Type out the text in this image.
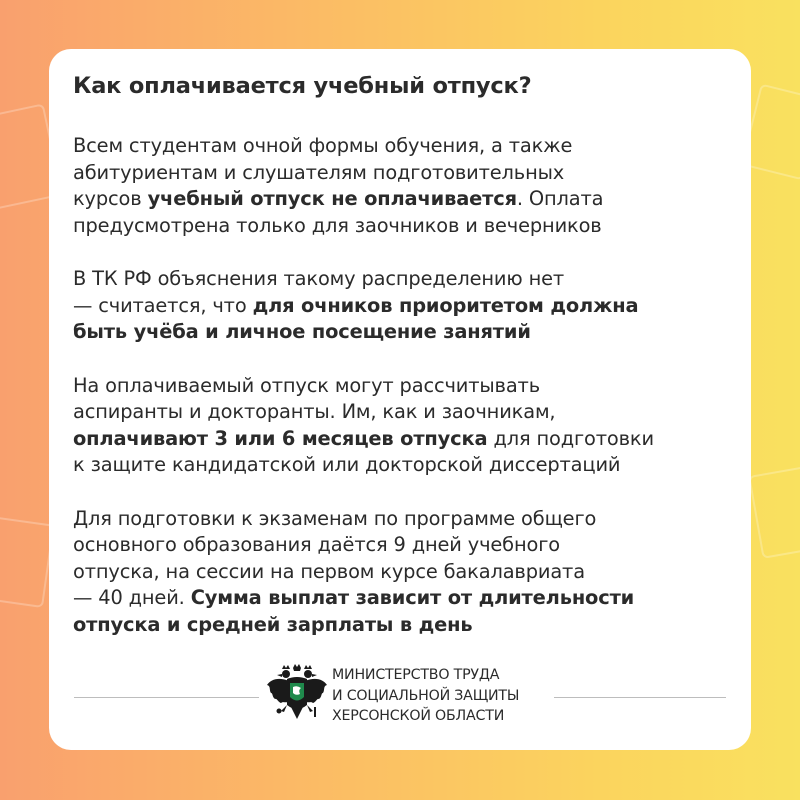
Как оплачивается учебный отпуск?
Всем студентам очной формы обучения, а также
абитуриентам и слушателям подготовительных
курсов учебный отпуск не оплачивается. Оплата
предусмотрена только для заочников и вечерников
В ТК РФ объяснения такому распределению нет
— считается, что для очников приоритетом должна
быть учёба и личное посещение занятий
На оплачиваемый отпуск могут рассчитывать
аспиранты и докторанты. Им, как и заочникам,
оплачивают 3 или 6 месяцев отпуска для подготовки
к защите кандидатской или докторской диссертаций
Для подготовки к экзаменам по программе общего
основного образования даётся 9 дней учебного
отпуска, на сессии на первом курсе бакалавриата
— 40 дней. Сумма выплат зависит от длительности
отпуска и средней зарплаты в день
МИНИСТЕРСТВО ТРУДА
И СОЦИАЛЬНОЙ ЗАЩИТЫ
ХЕРСОНСКОЙ ОБЛАСТИ
